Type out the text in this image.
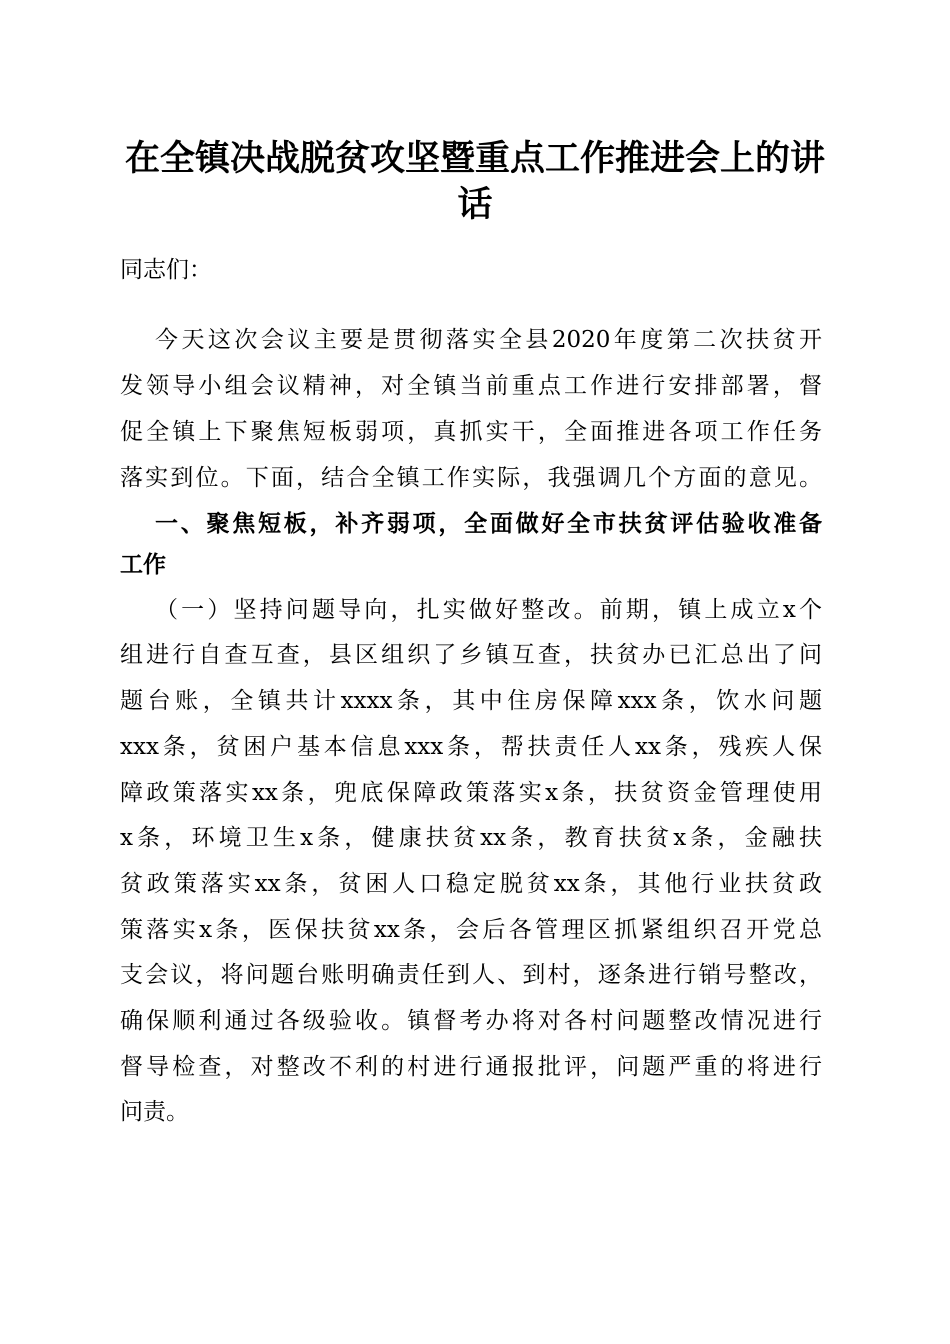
在全镇决战脱贫攻坚暨重点工作推进会上的讲
话
同志们：
今天这次会议主要是贯彻落实全县2020年度第二次扶贫开
发领导小组会议精神，对全镇当前重点工作进行安排部署，督
促全镇上下聚焦短板弱项，真抓实干，全面推进各项工作任务
落实到位。下面，结合全镇工作实际，我强调几个方面的意见。
一、聚焦短板，补齐弱项，全面做好全市扶贫评估验收准备
工作
（一）坚持问题导向，扎实做好整改。前期，镇上成立x个
组进行自查互查，县区组织了乡镇互查，扶贫办已汇总出了问
题台账，全镇共计xxxx条，其中住房保障xxx条，饮水问题
xxx条，贫困户基本信息xxx条，帮扶责任人xx条，残疾人保
障政策落实xx条，兜底保障政策落实x条，扶贫资金管理使用
x条，环境卫生x条，健康扶贫xx条，教育扶贫x条，金融扶
贫政策落实xx条，贫困人口稳定脱贫xx条，其他行业扶贫政
策落实x条，医保扶贫xx条，会后各管理区抓紧组织召开党总
支会议，将问题台账明确责任到人、到村，逐条进行销号整改，
确保顺利通过各级验收。镇督考办将对各村问题整改情况进行
督导检查，对整改不利的村进行通报批评，问题严重的将进行
问责。
